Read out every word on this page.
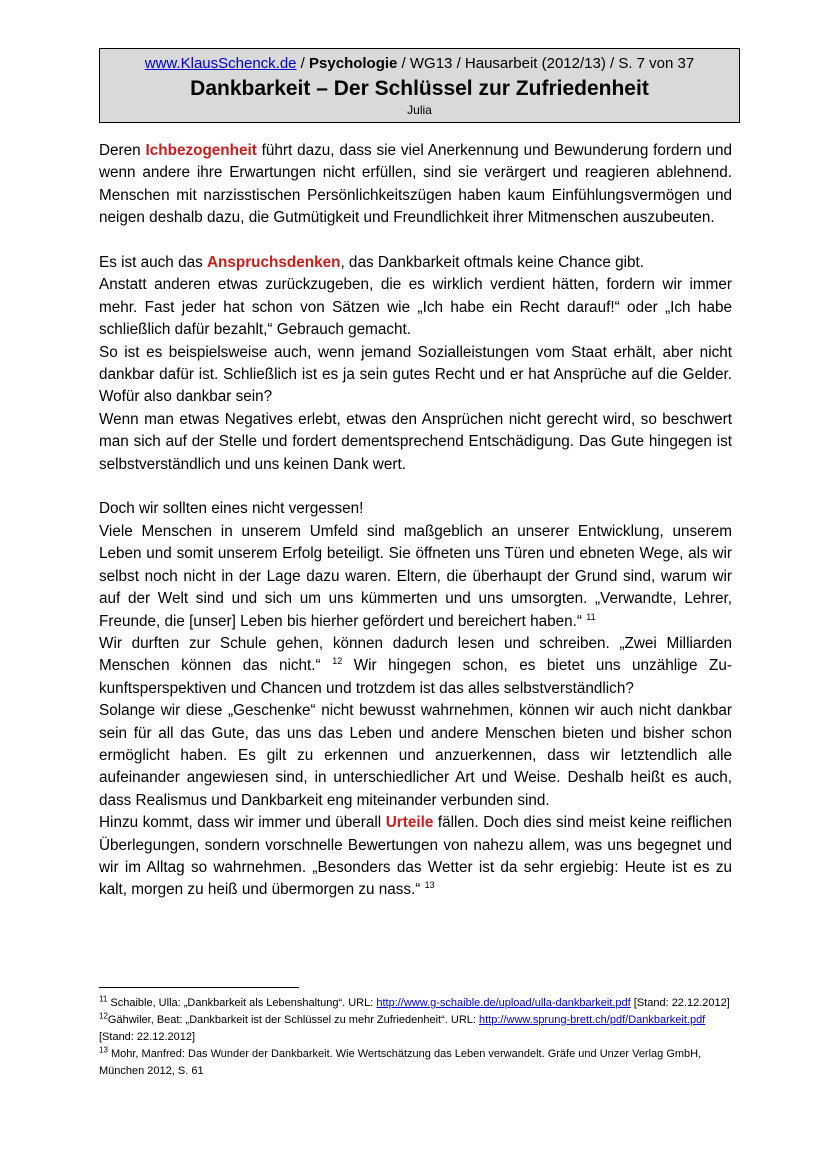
www.KlausSchenck.de / Psychologie / WG13 / Hausarbeit (2012/13) / S. 7 von 37
Dankbarkeit – Der Schlüssel zur Zufriedenheit
Julia

Deren Ichbezogenheit führt dazu, dass sie viel Anerkennung und Bewunderung fordern und wenn andere ihre Erwartungen nicht erfüllen, sind sie verärgert und reagieren ablehnend. Menschen mit narzisstischen Persönlichkeitszügen haben kaum Einfühlungsvermögen und neigen deshalb dazu, die Gutmütigkeit und Freundlichkeit ihrer Mitmenschen auszubeuten.

Es ist auch das Anspruchsdenken, das Dankbarkeit oftmals keine Chance gibt.

Anstatt anderen etwas zurückzugeben, die es wirklich verdient hätten, fordern wir immer mehr. Fast jeder hat schon von Sätzen wie „Ich habe ein Recht darauf!“ oder „Ich habe schließlich dafür bezahlt,“ Gebrauch gemacht.

So ist es beispielsweise auch, wenn jemand Sozialleistungen vom Staat erhält, aber nicht dankbar dafür ist. Schließlich ist es ja sein gutes Recht und er hat Ansprüche auf die Gelder. Wofür also dankbar sein?

Wenn man etwas Negatives erlebt, etwas den Ansprüchen nicht gerecht wird, so beschwert man sich auf der Stelle und fordert dementsprechend Entschädigung. Das Gute hingegen ist selbstverständlich und uns keinen Dank wert.

Doch wir sollten eines nicht vergessen!

Viele Menschen in unserem Umfeld sind maßgeblich an unserer Entwicklung, unserem Leben und somit unserem Erfolg beteiligt. Sie öffneten uns Türen und ebneten Wege, als wir selbst noch nicht in der Lage dazu waren. Eltern, die überhaupt der Grund sind, warum wir auf der Welt sind und sich um uns kümmerten und uns umsorgten. „Verwandte, Lehrer, Freunde, die [unser] Leben bis hierher gefördert und bereichert haben.“ $^{11}$

Wir durften zur Schule gehen, können dadurch lesen und schreiben. „Zwei Milliarden Menschen können das nicht.“ $^{12}$ Wir hingegen schon, es bietet uns unzählige Zukunftsperspektiven und Chancen und trotzdem ist das alles selbstverständlich?

Solange wir diese „Geschenke“ nicht bewusst wahrnehmen, können wir auch nicht dankbar sein für all das Gute, das uns das Leben und andere Menschen bieten und bisher schon ermöglicht haben. Es gilt zu erkennen und anzuerkennen, dass wir letztendlich alle aufeinander angewiesen sind, in unterschiedlicher Art und Weise. Deshalb heißt es auch, dass Realismus und Dankbarkeit eng miteinander verbunden sind.

Hinzu kommt, dass wir immer und überall Urteile fällen. Doch dies sind meist keine reiflichen Überlegungen, sondern vorschnelle Bewertungen von nahezu allem, was uns begegnet und wir im Alltag so wahrnehmen. „Besonders das Wetter ist da sehr ergiebig: Heute ist es zu kalt, morgen zu heiß und übermorgen zu nass.“ $^{13}$

$^{11}$ Schaible, Ulla: „Dankbarkeit als Lebenshaltung“. URL: http://www.g-schaible.de/upload/ulla-dankbarkeit.pdf [Stand: 22.12.2012]

$^{12}$Gähwiler, Beat: „Dankbarkeit ist der Schlüssel zu mehr Zufriedenheit“. URL: http://www.sprung-brett.ch/pdf/Dankbarkeit.pdf [Stand: 22.12.2012]

$^{13}$ Mohr, Manfred: Das Wunder der Dankbarkeit. Wie Wertschätzung das Leben verwandelt. Gräfe und Unzer Verlag GmbH, München 2012, S. 61
